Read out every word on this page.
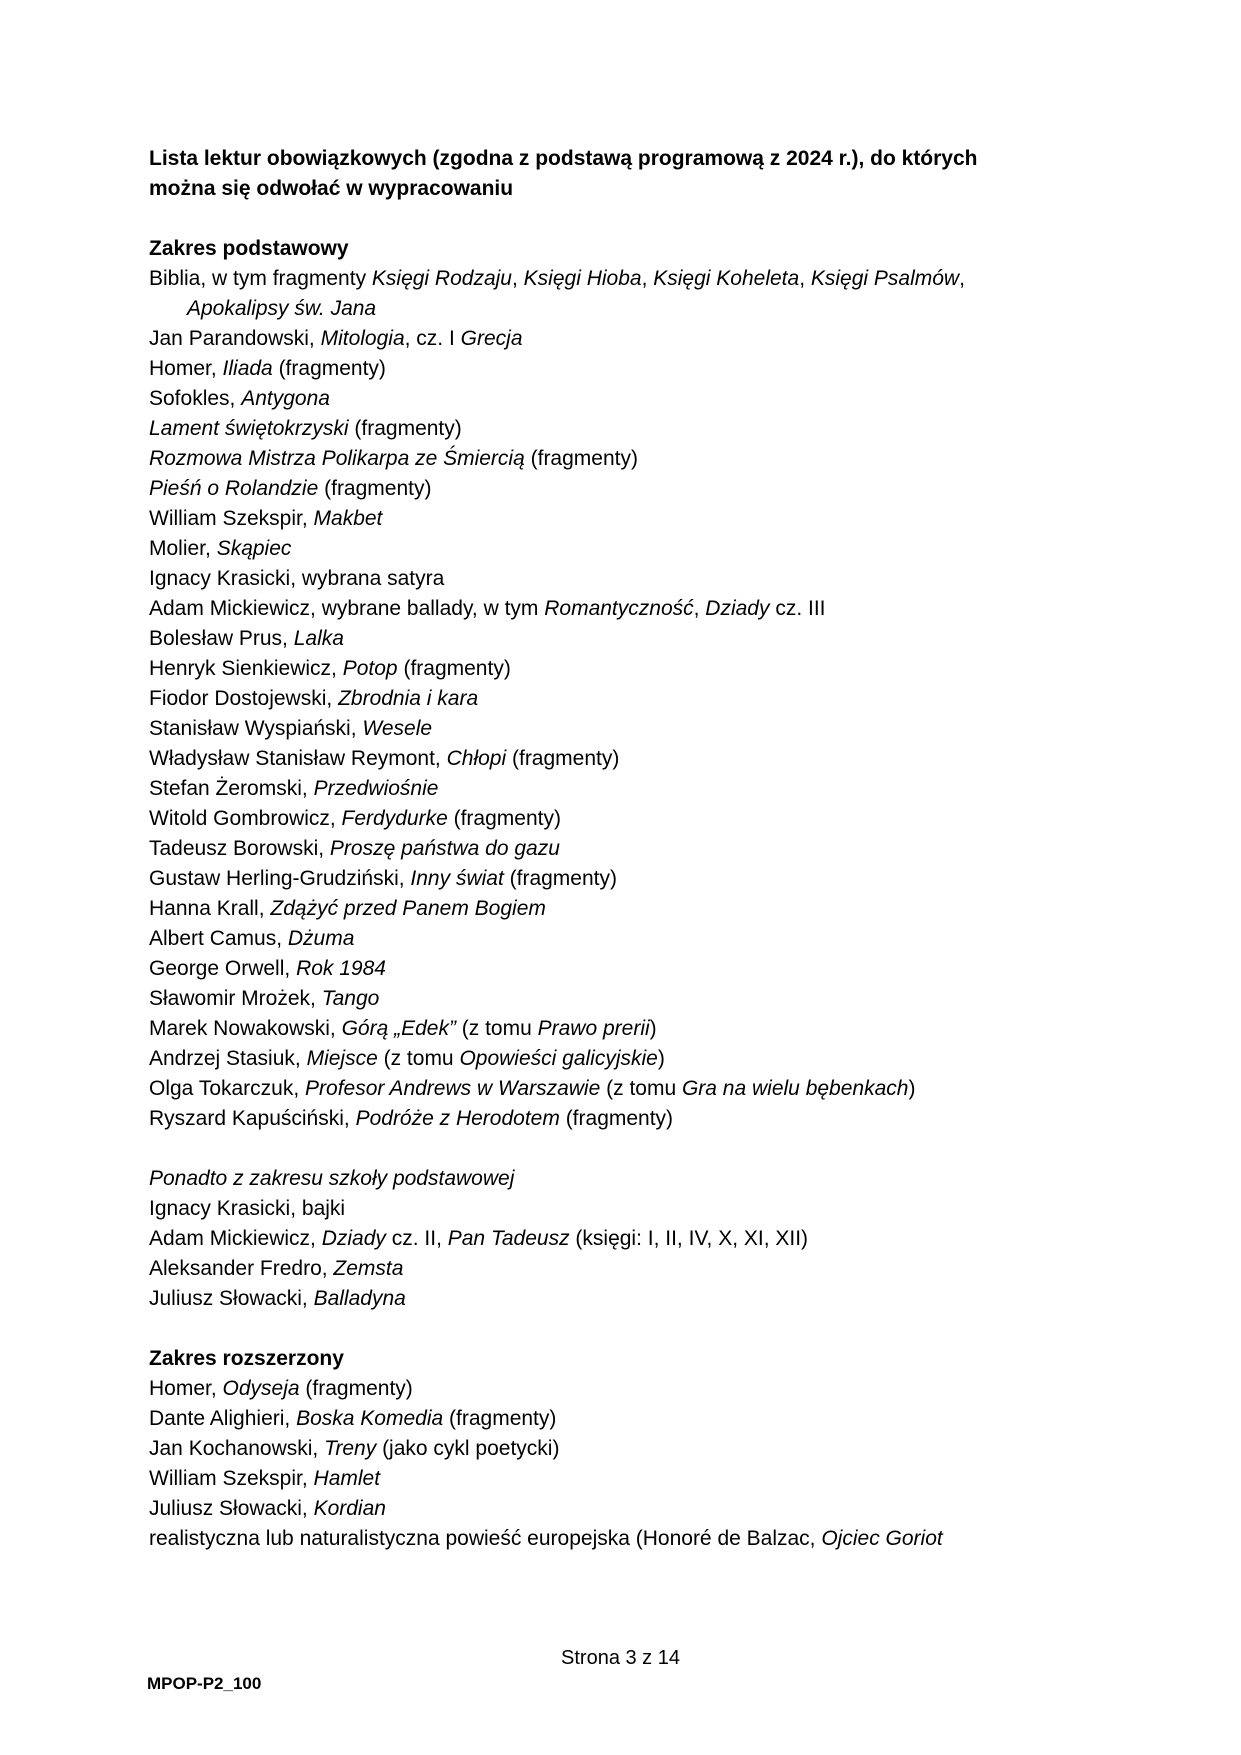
Lista lektur obowiązkowych (zgodna z podstawą programową z 2024 r.), do których
można się odwołać w wypracowaniu
Zakres podstawowy
Biblia, w tym fragmenty Księgi Rodzaju, Księgi Hioba, Księgi Koheleta, Księgi Psalmów,
Apokalipsy św. Jana
Jan Parandowski, Mitologia, cz. I Grecja
Homer, Iliada (fragmenty)
Sofokles, Antygona
Lament świętokrzyski (fragmenty)
Rozmowa Mistrza Polikarpa ze Śmiercią (fragmenty)
Pieśń o Rolandzie (fragmenty)
William Szekspir, Makbet
Molier, Skąpiec
Ignacy Krasicki, wybrana satyra
Adam Mickiewicz, wybrane ballady, w tym Romantyczność, Dziady cz. III
Bolesław Prus, Lalka
Henryk Sienkiewicz, Potop (fragmenty)
Fiodor Dostojewski, Zbrodnia i kara
Stanisław Wyspiański, Wesele
Władysław Stanisław Reymont, Chłopi (fragmenty)
Stefan Żeromski, Przedwiośnie
Witold Gombrowicz, Ferdydurke (fragmenty)
Tadeusz Borowski, Proszę państwa do gazu
Gustaw Herling-Grudziński, Inny świat (fragmenty)
Hanna Krall, Zdążyć przed Panem Bogiem
Albert Camus, Dżuma
George Orwell, Rok 1984
Sławomir Mrożek, Tango
Marek Nowakowski, Górą „Edek” (z tomu Prawo prerii)
Andrzej Stasiuk, Miejsce (z tomu Opowieści galicyjskie)
Olga Tokarczuk, Profesor Andrews w Warszawie (z tomu Gra na wielu bębenkach)
Ryszard Kapuściński, Podróże z Herodotem (fragmenty)
Ponadto z zakresu szkoły podstawowej
Ignacy Krasicki, bajki
Adam Mickiewicz, Dziady cz. II, Pan Tadeusz (księgi: I, II, IV, X, XI, XII)
Aleksander Fredro, Zemsta
Juliusz Słowacki, Balladyna
Zakres rozszerzony
Homer, Odyseja (fragmenty)
Dante Alighieri, Boska Komedia (fragmenty)
Jan Kochanowski, Treny (jako cykl poetycki)
William Szekspir, Hamlet
Juliusz Słowacki, Kordian
realistyczna lub naturalistyczna powieść europejska (Honoré de Balzac, Ojciec Goriot
Strona 3 z 14
MPOP-P2_100
